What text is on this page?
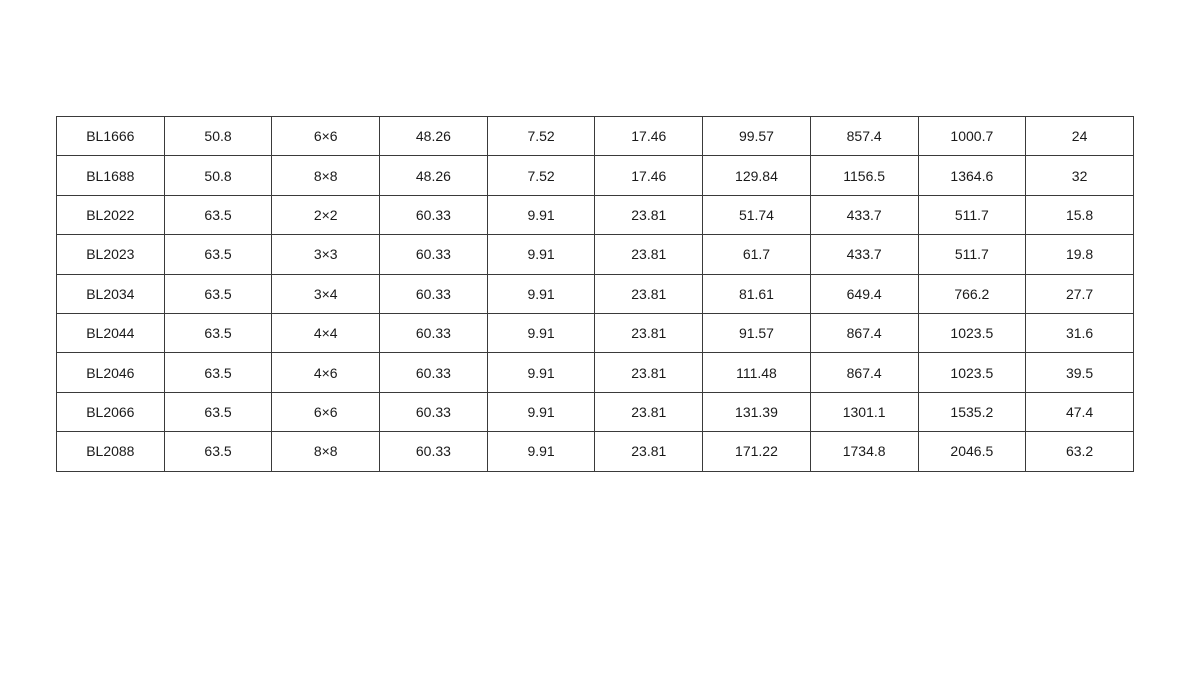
BL1666	50.8	6×6	48.26	7.52	17.46	99.57	857.4	1000.7	24
BL1688	50.8	8×8	48.26	7.52	17.46	129.84	1156.5	1364.6	32
BL2022	63.5	2×2	60.33	9.91	23.81	51.74	433.7	511.7	15.8
BL2023	63.5	3×3	60.33	9.91	23.81	61.7	433.7	511.7	19.8
BL2034	63.5	3×4	60.33	9.91	23.81	81.61	649.4	766.2	27.7
BL2044	63.5	4×4	60.33	9.91	23.81	91.57	867.4	1023.5	31.6
BL2046	63.5	4×6	60.33	9.91	23.81	111.48	867.4	1023.5	39.5
BL2066	63.5	6×6	60.33	9.91	23.81	131.39	1301.1	1535.2	47.4
BL2088	63.5	8×8	60.33	9.91	23.81	171.22	1734.8	2046.5	63.2
